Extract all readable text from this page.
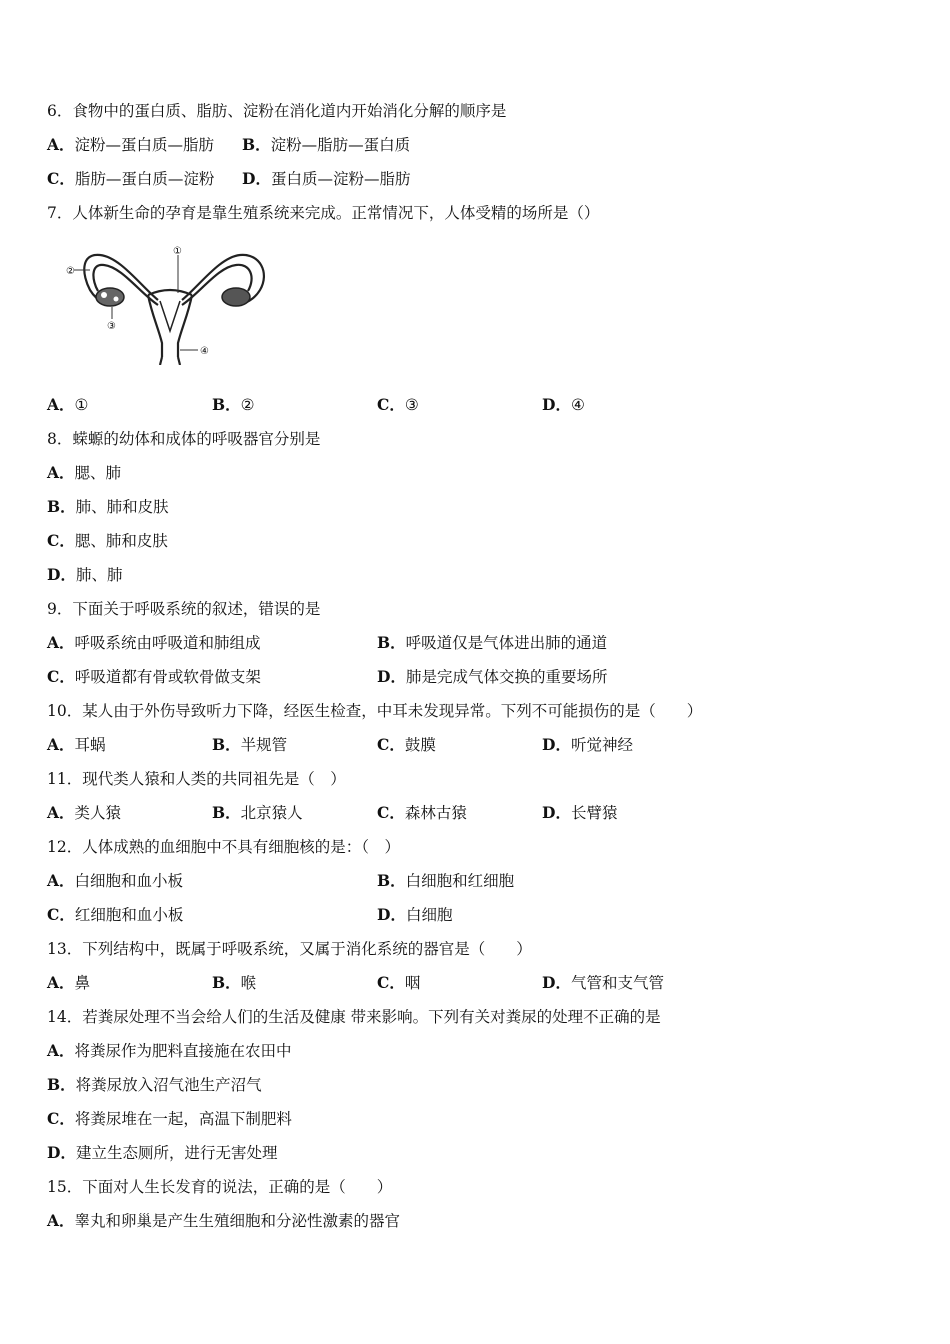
6．食物中的蛋白质、脂肪、淀粉在消化道内开始消化分解的顺序是
A．淀粉—蛋白质—脂肪 B．淀粉—脂肪—蛋白质
C．脂肪—蛋白质—淀粉 D．蛋白质—淀粉—脂肪
7．人体新生命的孕育是靠生殖系统来完成。正常情况下，人体受精的场所是（）
②
①
③
④
A．①	B．②	C．③	D．④
8．蝾螈的幼体和成体的呼吸器官分别是
A．腮、肺
B．肺、肺和皮肤
C．腮、肺和皮肤
D．肺、肺
9．下面关于呼吸系统的叙述，错误的是
A．呼吸系统由呼吸道和肺组成	B．呼吸道仅是气体进出肺的通道
C．呼吸道都有骨或软骨做支架	D．肺是完成气体交换的重要场所
10．某人由于外伤导致听力下降，经医生检查，中耳未发现异常。下列不可能损伤的是（　　）
A．耳蜗	B．半规管	C．鼓膜	D．听觉神经
11．现代类人猿和人类的共同祖先是（　）
A．类人猿	B．北京猿人	C．森林古猿	D．长臂猿
12．人体成熟的血细胞中不具有细胞核的是：（　）
A．白细胞和血小板	B．白细胞和红细胞
C．红细胞和血小板	D．白细胞
13．下列结构中，既属于呼吸系统，又属于消化系统的器官是（　　）
A．鼻	B．喉	C．咽	D．气管和支气管
14．若粪尿处理不当会给人们的生活及健康 带来影响。下列有关对粪尿的处理不正确的是
A．将粪尿作为肥料直接施在农田中
B．将粪尿放入沼气池生产沼气
C．将粪尿堆在一起，高温下制肥料
D．建立生态厕所，进行无害处理
15．下面对人生长发育的说法，正确的是（　　）
A．睾丸和卵巢是产生生殖细胞和分泌性激素的器官
